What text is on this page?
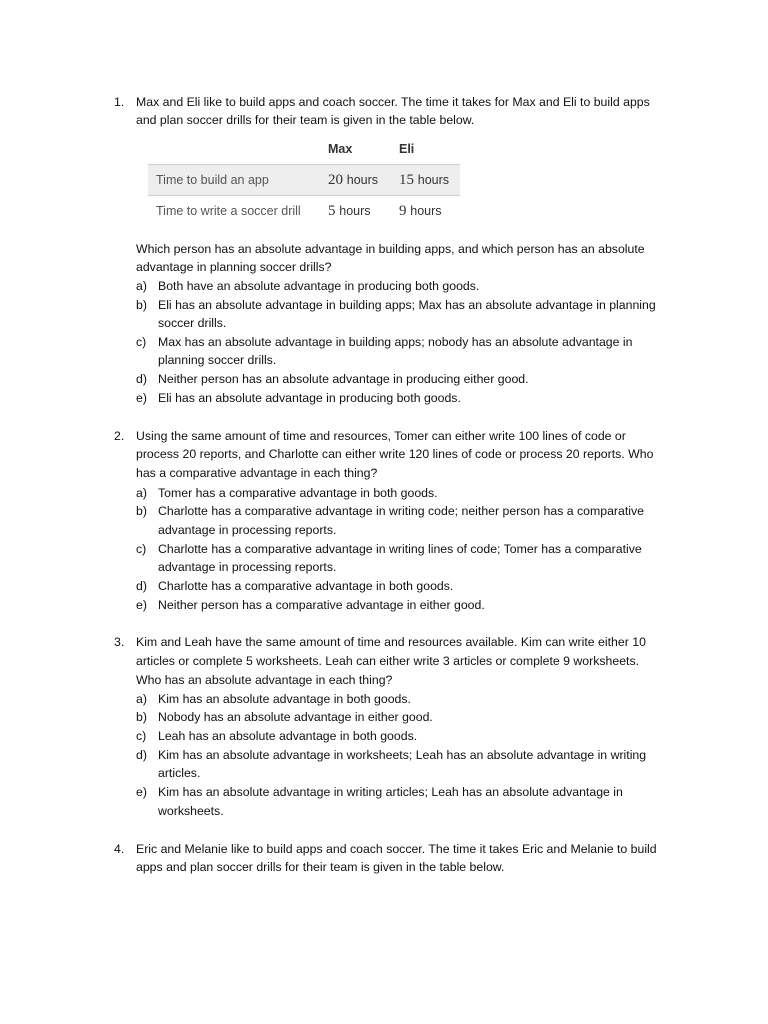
1. Max and Eli like to build apps and coach soccer. The time it takes for Max and Eli to build apps
and plan soccer drills for their team is given in the table below.
Max	Eli
Time to build an app	20 hours 15 hours
Time to write a soccer drill 5 hours 9 hours
Which person has an absolute advantage in building apps, and which person has an absolute
advantage in planning soccer drills?
a) Both have an absolute advantage in producing both goods.
b) Eli has an absolute advantage in building apps; Max has an absolute advantage in planning
soccer drills.
c) Max has an absolute advantage in building apps; nobody has an absolute advantage in
planning soccer drills.
d) Neither person has an absolute advantage in producing either good.
e) Eli has an absolute advantage in producing both goods.
2. Using the same amount of time and resources, Tomer can either write 100 lines of code or
process 20 reports, and Charlotte can either write 120 lines of code or process 20 reports. Who
has a comparative advantage in each thing?
a) Tomer has a comparative advantage in both goods.
b) Charlotte has a comparative advantage in writing code; neither person has a comparative
advantage in processing reports.
c) Charlotte has a comparative advantage in writing lines of code; Tomer has a comparative
advantage in processing reports.
d) Charlotte has a comparative advantage in both goods.
e) Neither person has a comparative advantage in either good.
3. Kim and Leah have the same amount of time and resources available. Kim can write either 10
articles or complete 5 worksheets. Leah can either write 3 articles or complete 9 worksheets.
Who has an absolute advantage in each thing?
a) Kim has an absolute advantage in both goods.
b) Nobody has an absolute advantage in either good.
c) Leah has an absolute advantage in both goods.
d) Kim has an absolute advantage in worksheets; Leah has an absolute advantage in writing
articles.
e) Kim has an absolute advantage in writing articles; Leah has an absolute advantage in
worksheets.
4. Eric and Melanie like to build apps and coach soccer. The time it takes Eric and Melanie to build
apps and plan soccer drills for their team is given in the table below.
